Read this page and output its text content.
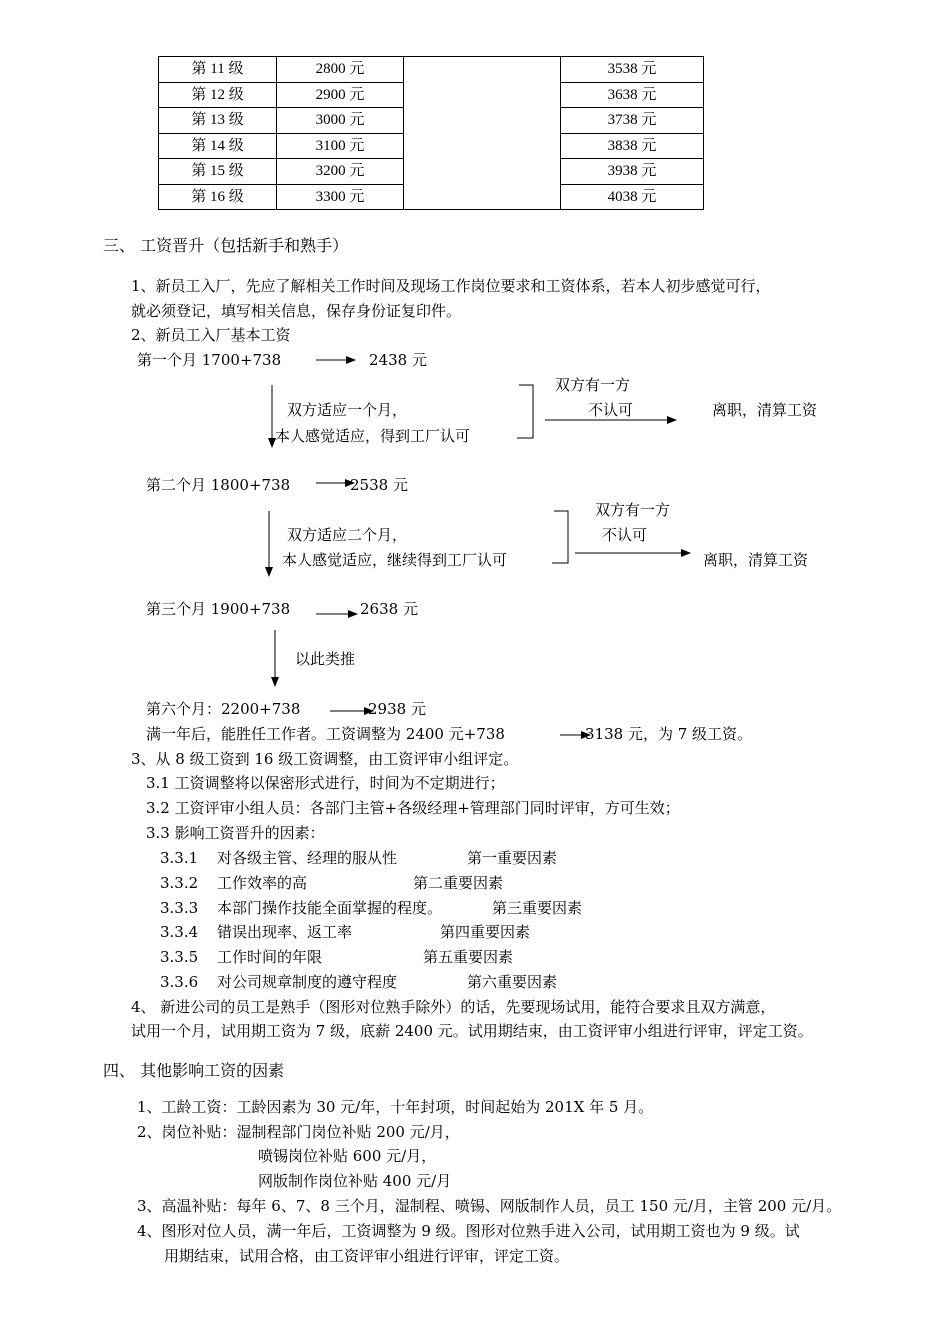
第 11 级	2800 元		3538 元
第 12 级	2900 元		3638 元
第 13 级	3000 元		3738 元
第 14 级	3100 元		3838 元
第 15 级	3200 元		3938 元
第 16 级	3300 元		4038 元
三、 工资晋升（包括新手和熟手）
1、新员工入厂，先应了解相关工作时间及现场工作岗位要求和工资体系，若本人初步感觉可行，
就必须登记，填写相关信息，保存身份证复印件。
2、新员工入厂基本工资
第一个月 1700+738	2438 元
双方适应一个月，
本人感觉适应，得到工厂认可
双方有一方
不认可	离职，清算工资
第二个月 1800+738	2538 元
双方适应二个月，
本人感觉适应，继续得到工厂认可
双方有一方
不认可
离职，清算工资
第三个月 1900+738	2638 元
以此类推
第六个月：2200+738	2938 元
满一年后，能胜任工作者。工资调整为 2400 元+738	3138 元，为 7 级工资。
3、从 8 级工资到 16 级工资调整，由工资评审小组评定。
3.1 工资调整将以保密形式进行，时间为不定期进行；
3.2 工资评审小组人员：各部门主管+各级经理+管理部门同时评审，方可生效；
3.3 影响工资晋升的因素：
3.3.1 对各级主管、经理的服从性	第一重要因素
3.3.2 工作效率的高	第二重要因素
3.3.3 本部门操作技能全面掌握的程度。	第三重要因素
3.3.4 错误出现率、返工率	第四重要因素
3.3.5 工作时间的年限	第五重要因素
3.3.6 对公司规章制度的遵守程度	第六重要因素
4、 新进公司的员工是熟手（图形对位熟手除外）的话，先要现场试用，能符合要求且双方满意，
试用一个月，试用期工资为 7 级，底薪 2400 元。试用期结束，由工资评审小组进行评审，评定工资。
四、 其他影响工资的因素
1、工龄工资：工龄因素为 30 元/年，十年封项，时间起始为 201X 年 5 月。
2、岗位补贴：湿制程部门岗位补贴 200 元/月，
喷锡岗位补贴 600 元/月，
网版制作岗位补贴 400 元/月
3、高温补贴：每年 6、7、8 三个月，湿制程、喷锡、网版制作人员，员工 150 元/月，主管 200 元/月。
4、图形对位人员，满一年后，工资调整为 9 级。图形对位熟手进入公司，试用期工资也为 9 级。试
用期结束，试用合格，由工资评审小组进行评审，评定工资。
